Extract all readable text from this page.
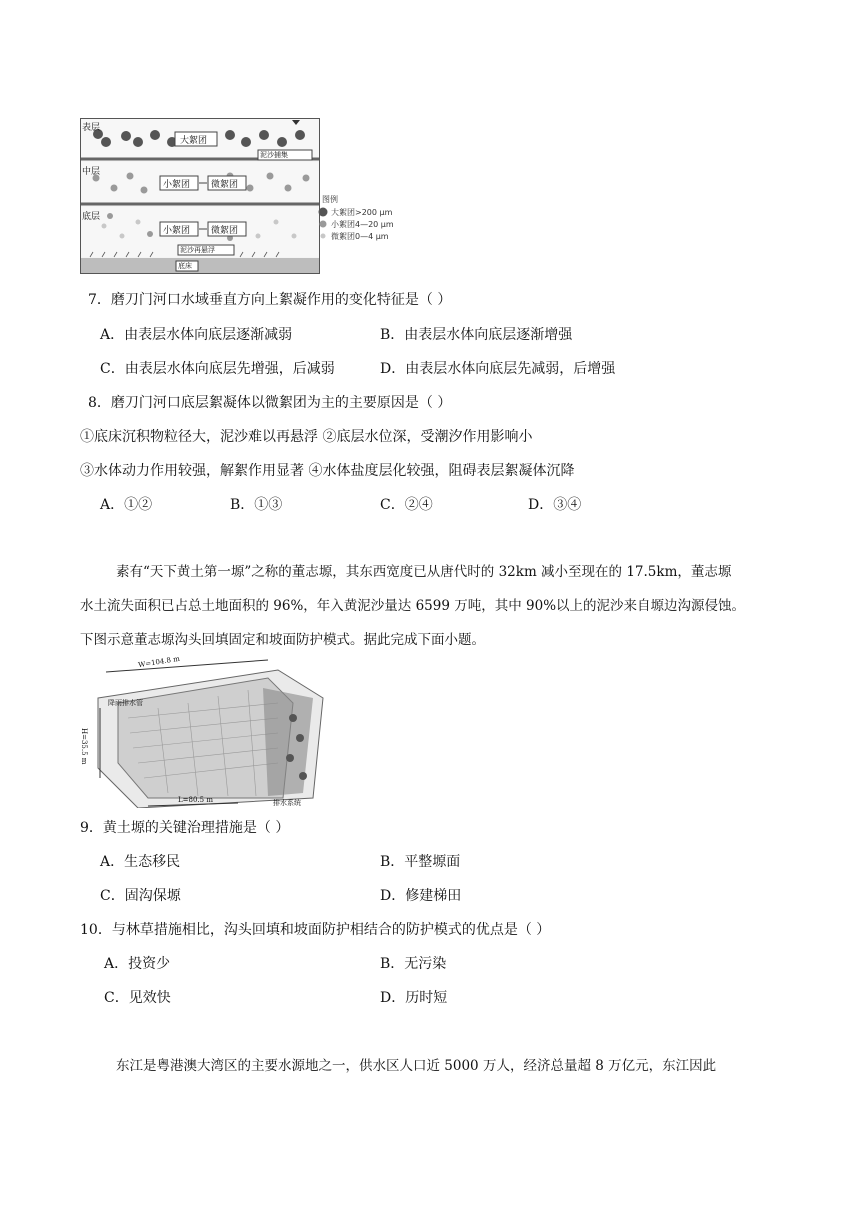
表层
中层
底层
大絮团
小絮团 微絮团
小絮团 微絮团
泥沙捕集
泥沙再悬浮
底床
图例
大絮团>200 μm
小絮团4—20 μm
微絮团0—4 μm
7．磨刀门河口水域垂直方向上絮凝作用的变化特征是（ ）
A．由表层水体向底层逐渐减弱	B．由表层水体向底层逐渐增强
C．由表层水体向底层先增强，后减弱	D．由表层水体向底层先减弱，后增强
8．磨刀门河口底层絮凝体以微絮团为主的主要原因是（ ）
①底床沉积物粒径大，泥沙难以再悬浮 ②底层水位深，受潮汐作用影响小
③水体动力作用较强，解絮作用显著 ④水体盐度层化较强，阻碍表层絮凝体沉降
A．①②	B．①③	C．②④	D．③④
素有“天下黄土第一塬”之称的董志塬，其东西宽度已从唐代时的 32km 减小至现在的 17.5km，董志塬
水土流失面积已占总土地面积的 96%，年入黄泥沙量达 6599 万吨，其中 90%以上的泥沙来自塬边沟源侵蚀。
下图示意董志塬沟头回填固定和坡面防护模式。据此完成下面小题。
W=104.8 m
H=35.5 m
L=80.5 m	排水系统
降雨排水管
9．黄土塬的关键治理措施是（ ）
A．生态移民	B．平整塬面
C．固沟保塬	D．修建梯田
10．与林草措施相比，沟头回填和坡面防护相结合的防护模式的优点是（ ）
A．投资少	B．无污染
C．见效快	D．历时短
东江是粤港澳大湾区的主要水源地之一，供水区人口近 5000 万人，经济总量超 8 万亿元，东江因此
